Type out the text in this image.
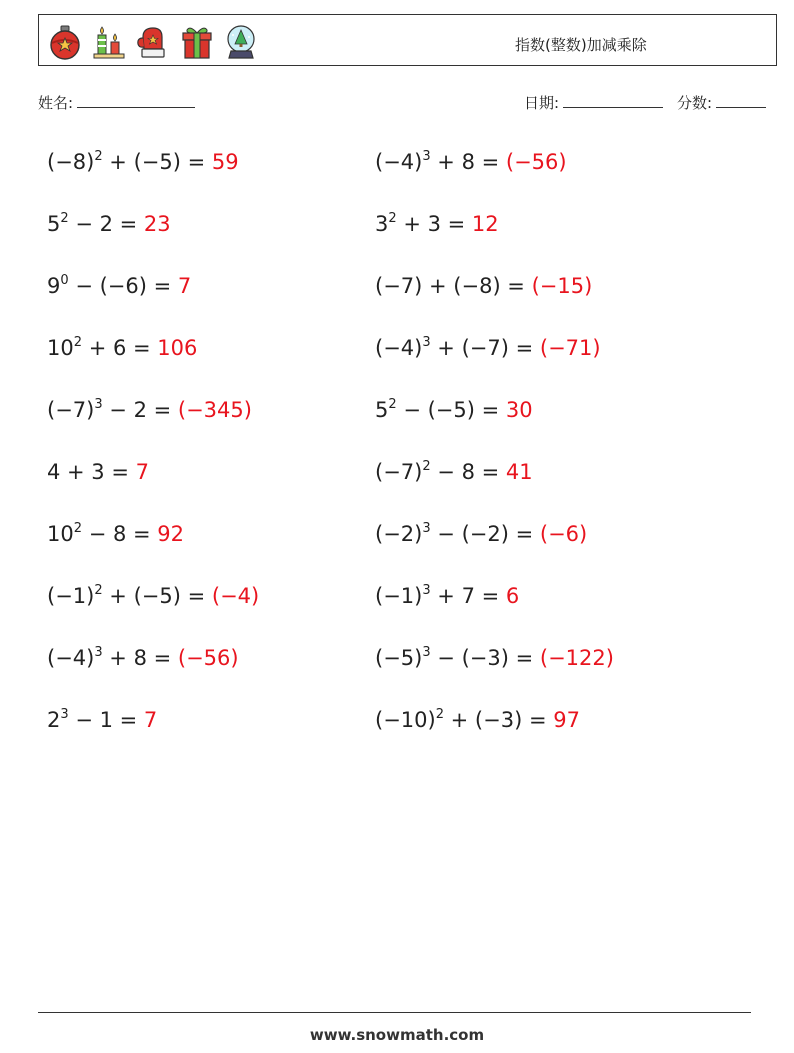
指数(整数)加减乘除
姓名:	日期:	分数:
$(-8)^2 + (-5) = 59$	$(-4)^3 + 8 = (-56)$
$5^2 - 2 = 23$	$3^2 + 3 = 12$
$9^0 - (-6) = 7$	(−7) + (−8) = (−15)
$10^2 + 6 = 106$	$(-4)^3 + (-7) = (-71)$
$(-7)^3 - 2 = (-345)$	$5^2 - (-5) = 30$
4 + 3 = 7	$(-7)^2 - 8 = 41$
$10^2 - 8 = 92$	$(-2)^3 - (-2) = (-6)$
$(-1)^2 + (-5) = (-4)$	$(-1)^3 + 7 = 6$
$(-4)^3 + 8 = (-56)$	$(-5)^3 - (-3) = (-122)$
$2^3 - 1 = 7$	$(-10)^2 + (-3) = 97$
www.snowmath.com
